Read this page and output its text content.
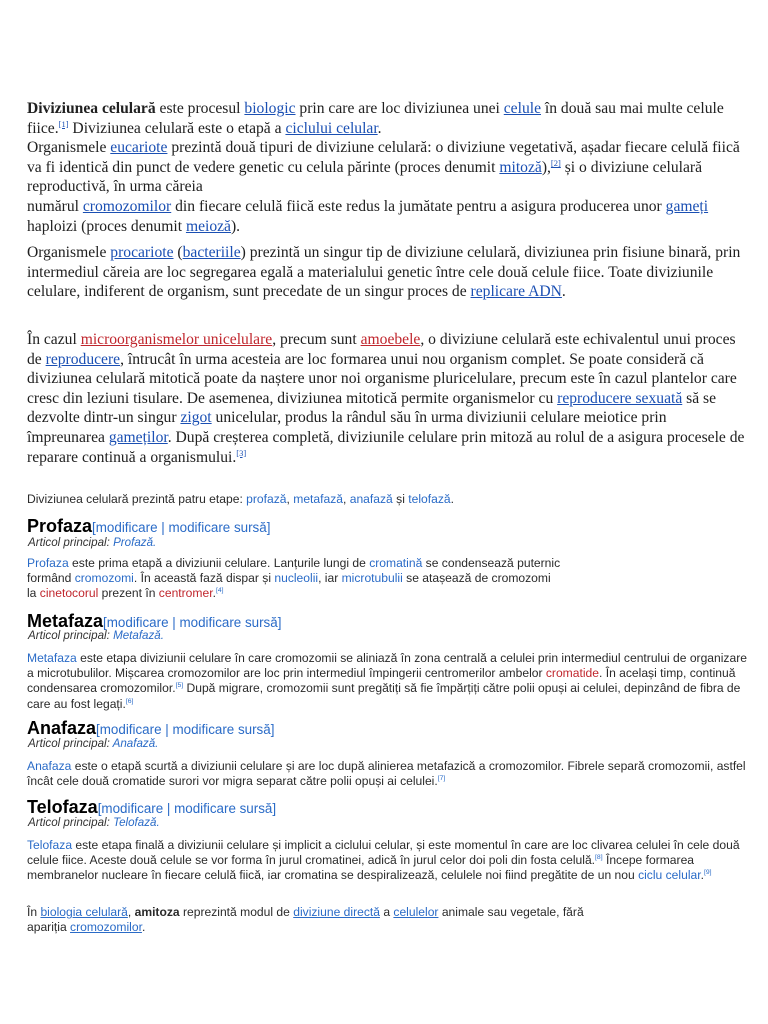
Diviziunea celulară este procesul biologic prin care are loc diviziunea unei celule în două sau mai multe celule fiice.[1] Diviziunea celulară este o etapă a ciclului celular.
Organismele eucariote prezintă două tipuri de diviziune celulară: o diviziune vegetativă, așadar fiecare celulă fiică va fi identică din punct de vedere genetic cu celula părinte (proces denumit mitoză),[2] și o diviziune celulară reproductivă, în urma căreia
numărul cromozomilor din fiecare celulă fiică este redus la jumătate pentru a asigura producerea unor gameți haploizi (proces denumit meioză).

Organismele procariote (bacteriile) prezintă un singur tip de diviziune celulară, diviziunea prin fisiune binară, prin intermediul căreia are loc segregarea egală a materialului genetic între cele două celule fiice. Toate diviziunile celulare, indiferent de organism, sunt precedate de un singur proces de replicare ADN.

În cazul microorganismelor unicelulare, precum sunt amoebele, o diviziune celulară este echivalentul unui proces de reproducere, întrucât în urma acesteia are loc formarea unui nou organism complet. Se poate consideră că diviziunea celulară mitotică poate da naștere unor noi organisme pluricelulare, precum este în cazul plantelor care cresc din leziuni tisulare. De asemenea, diviziunea mitotică permite organismelor cu reproducere sexuată să se dezvolte dintr-un singur zigot unicelular, produs la rândul său în urma diviziunii celulare meiotice prin împreunarea gameților. După creșterea completă, diviziunile celulare prin mitoză au rolul de a asigura procesele de reparare continuă a organismului.[3]

Diviziunea celulară prezintă patru etape: profază, metafază, anafază și telofază.
Profaza[modificare | modificare sursă]
Articol principal: Profază.
Profaza este prima etapă a diviziunii celulare. Lanțurile lungi de cromatină se condensează puternic
formând cromozomi. În această fază dispar și nucleolii, iar microtubulii se atașează de cromozomi
la cinetocorul prezent în centromer.[4]
Metafaza[modificare | modificare sursă]
Articol principal: Metafază.
Metafaza este etapa diviziunii celulare în care cromozomii se aliniază în zona centrală a celulei prin intermediul centrului de organizare a microtubulilor. Mișcarea cromozomilor are loc prin intermediul împingerii centromerilor ambelor cromatide. În același timp, continuă condensarea cromozomilor.[5] După migrare, cromozomii sunt pregătiți să fie împărțiți către polii opuși ai celulei, depinzând de fibra de care au fost legați.[6]
Anafaza[modificare | modificare sursă]
Articol principal: Anafază.
Anafaza este o etapă scurtă a diviziunii celulare și are loc după alinierea metafazică a cromozomilor. Fibrele separă cromozomii, astfel încât cele două cromatide surori vor migra separat către polii opuși ai celulei.[7]
Telofaza[modificare | modificare sursă]
Articol principal: Telofază.
Telofaza este etapa finală a diviziunii celulare și implicit a ciclului celular, și este momentul în care are loc clivarea celulei în cele două celule fiice. Aceste două celule se vor forma în jurul cromatinei, adică în jurul celor doi poli din fosta celulă.[8] Începe formarea membranelor nucleare în fiecare celulă fiică, iar cromatina se despiralizează, celulele noi fiind pregătite de un nou ciclu celular.[9]
În biologia celulară, amitoza reprezintă modul de diviziune directă a celulelor animale sau vegetale, fără
apariția cromozomilor.
